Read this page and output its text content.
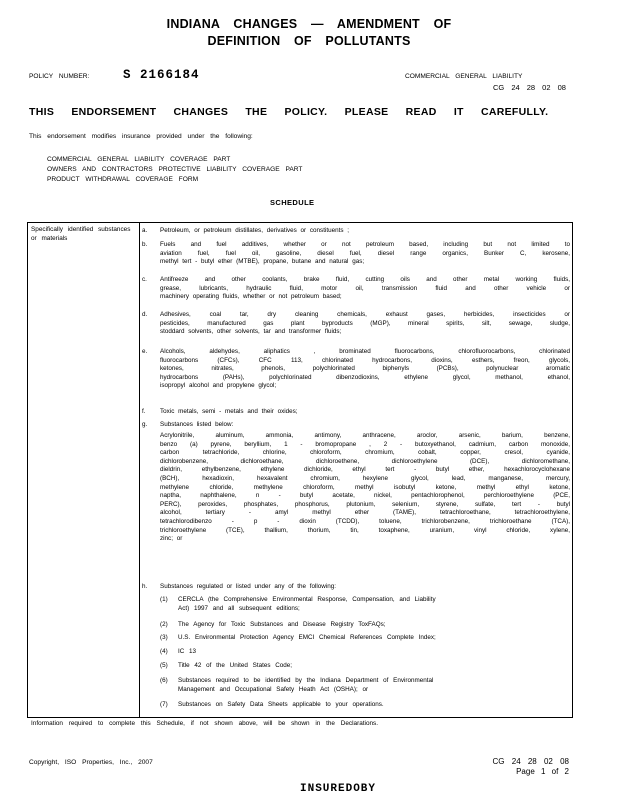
INDIANA CHANGES — AMENDMENT OF
DEFINITION OF POLLUTANTS
POLICY NUMBER:	S 2166184	COMMERCIAL GENERAL LIABILITY
CG 24 28 02 08
THIS ENDORSEMENT CHANGES THE POLICY. PLEASE READ IT CAREFULLY.
This endorsement modifies insurance provided under the following:
COMMERCIAL GENERAL LIABILITY COVERAGE PART
OWNERS AND CONTRACTORS PROTECTIVE LIABILITY COVERAGE PART
PRODUCT WITHDRAWAL COVERAGE FORM
SCHEDULE
Specifically identified substances or materials
a. Petroleum, or petroleum distillates, derivatives or constituents ;
b. Fuels and fuel additives, whether or not petroleum based, including but not limited to
aviation fuel, fuel oil, gasoline, diesel fuel, diesel range organics, Bunker C, kerosene,
methyl tert - butyl ether (MTBE), propane, butane and natural gas;
c. Antifreeze and other coolants, brake fluid, cutting oils and other metal working fluids,
grease, lubricants, hydraulic fluid, motor oil, transmission fluid and other vehicle or
machinery operating fluids, whether or not petroleum based;
d. Adhesives, coal tar, dry cleaning chemicals, exhaust gases, herbicides, insecticides or
pesticides, manufactured gas plant byproducts (MGP), mineral spirits, silt, sewage, sludge,
stoddard solvents, other solvents, tar and transformer fluids;
e. Alcohols, aldehydes, aliphatics , brominated fluorocarbons, chlorofluorocarbons, chlorinated
fluorocarbons (CFCs), CFC 113, chlorinated hydrocarbons, dioxins, esthers, freon, glycols,
ketones, nitrates, phenols, polychlorinated biphenyls (PCBs), polynuclear aromatic
hydrocarbons (PAHs), polychlorinated dibenzodioxins, ethylene glycol, methanol, ethanol,
isopropyl alcohol and propylene glycol;
f. Toxic metals, semi - metals and their oxides;
g. Substances listed below:
Acrylonitrile, aluminum, ammonia, antimony, anthracene, aroclor, arsenic, barium, benzene,
benzo (a) pyrene, beryllium, 1 - bromopropane , 2 - butoxyethanol, cadmium, carbon monoxide,
carbon tetrachloride, chlorine, chloroform, chromium, cobalt, copper, cresol, cyanide,
dichlorobenzene, dichloroethane, dichloroethene, dichloroethylene (DCE), dichloromethane,
dieldrin, ethylbenzene, ethylene dichloride, ethyl tert - butyl ether, hexachlorocyclohexane
(BCH), hexadioxin, hexavalent chromium, hexylene glycol, lead, manganese, mercury,
methylene chloride, methylene chloroform, methyl isobutyl ketone, methyl ethyl ketone,
naptha, naphthalene, n - butyl acetate, nickel, pentachlorophenol, perchloroethylene (PCE,
PERC), peroxides, phosphates, phosphorus, plutonium, selenium, styrene, sulfate, tert - butyl
alcohol, tertiary - amyl methyl ether (TAME), tetrachloroethane, tetrachloroethylene,
tetrachlorodibenzo - p - dioxin (TCDD), toluene, trichlorobenzene, trichloroethane (TCA),
trichloroethylene (TCE), thallium, thorium, tin, toxaphene, uranium, vinyl chloride, xylene,
zinc; or
h. Substances regulated or listed under any of the following:
(1) CERCLA (the Comprehensive Environmental Response, Compensation, and Liability
Act) 1997 and all subsequent editions;
(2) The Agency for Toxic Substances and Disease Registry ToxFAQs;
(3) U.S. Environmental Protection Agency EMCI Chemical References Complete Index;
(4) IC 13
(5) Title 42 of the United States Code;
(6) Substances required to be identified by the Indiana Department of Environmental
Management and Occupational Safety Heath Act (OSHA); or
(7) Substances on Safety Data Sheets applicable to your operations.
Information required to complete this Schedule, if not shown above, will be shown in the Declarations.
Copyright, ISO Properties, Inc., 2007	CG 24 28 02 08
Page 1 of 2
INSUREDOBY
